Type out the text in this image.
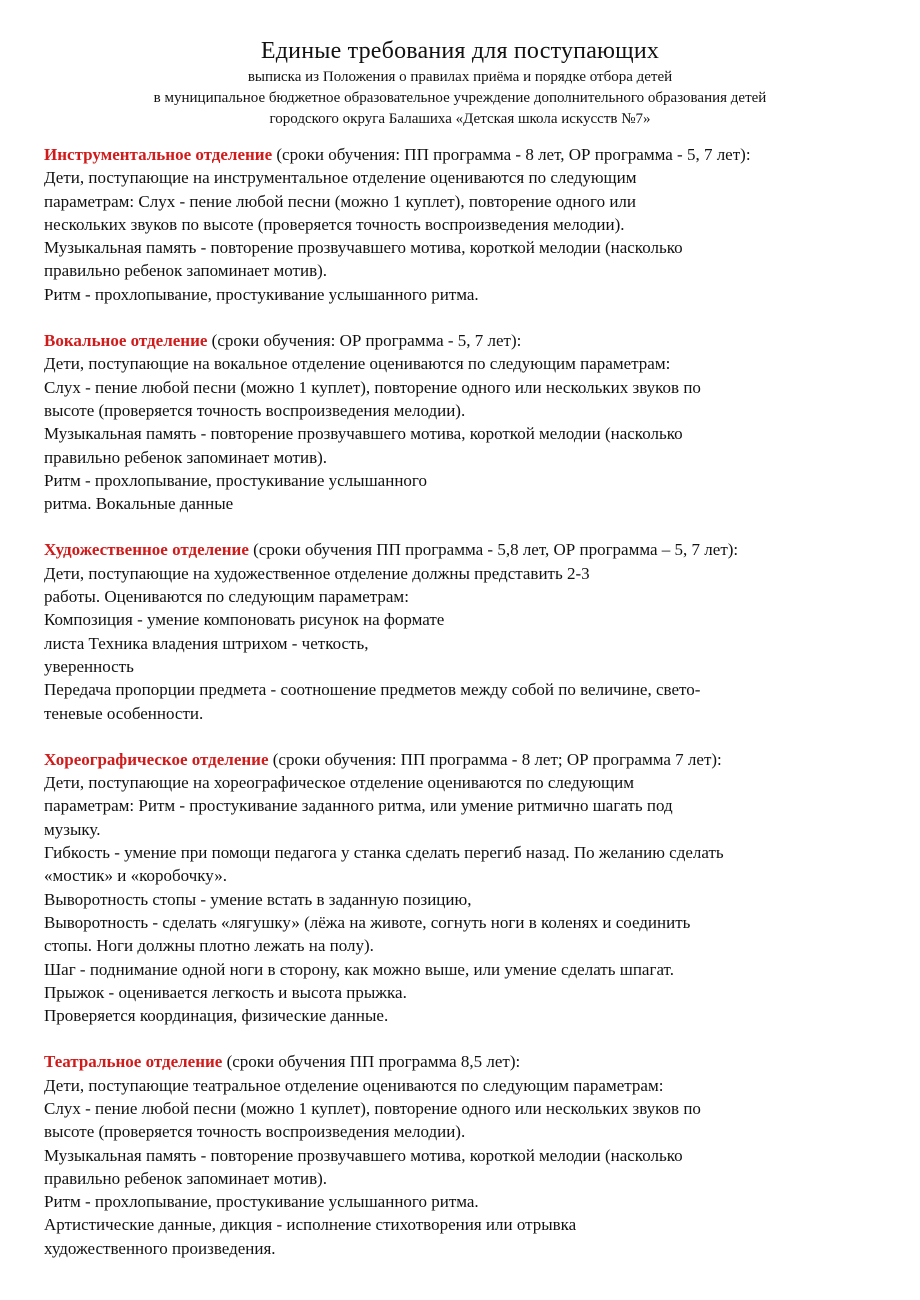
Единые требования для поступающих
выписка из Положения о правилах приёма и порядке отбора детей
в муниципальное бюджетное образовательное учреждение дополнительного образования детей
городского округа Балашиха «Детская школа искусств №7»
Инструментальное отделение (сроки обучения: ПП программа - 8 лет, ОР программа - 5, 7 лет):
Дети, поступающие на инструментальное отделение оцениваются по следующим
параметрам: Слух - пение любой песни (можно 1 куплет), повторение одного или
нескольких звуков по высоте (проверяется точность воспроизведения мелодии).
Музыкальная память - повторение прозвучавшего мотива, короткой мелодии (насколько
правильно ребенок запоминает мотив).
Ритм - прохлопывание, простукивание услышанного ритма.
Вокальное отделение (сроки обучения: ОР программа - 5, 7 лет):
Дети, поступающие на вокальное отделение оцениваются по следующим параметрам:
Слух - пение любой песни (можно 1 куплет), повторение одного или нескольких звуков по
высоте (проверяется точность воспроизведения мелодии).
Музыкальная память - повторение прозвучавшего мотива, короткой мелодии (насколько
правильно ребенок запоминает мотив).
Ритм - прохлопывание, простукивание услышанного
ритма. Вокальные данные
Художественное отделение (сроки обучения ПП программа - 5,8 лет, ОР программа – 5, 7 лет):
Дети, поступающие на художественное отделение должны представить 2-3
работы. Оцениваются по следующим параметрам:
Композиция - умение компоновать рисунок на формате
листа Техника владения штрихом - четкость,
уверенность
Передача пропорции предмета - соотношение предметов между собой по величине, свето-
теневые особенности.
Хореографическое отделение (сроки обучения: ПП программа - 8 лет; ОР программа 7 лет):
Дети, поступающие на хореографическое отделение оцениваются по следующим
параметрам: Ритм - простукивание заданного ритма, или умение ритмично шагать под
музыку.
Гибкость - умение при помощи педагога у станка сделать перегиб назад. По желанию сделать
«мостик» и «коробочку».
Выворотность стопы - умение встать в заданную позицию,
Выворотность - сделать «лягушку» (лёжа на животе, согнуть ноги в коленях и соединить
стопы. Ноги должны плотно лежать на полу).
Шаг - поднимание одной ноги в сторону, как можно выше, или умение сделать шпагат.
Прыжок - оценивается легкость и высота прыжка.
Проверяется координация, физические данные.
Театральное отделение (сроки обучения ПП программа 8,5 лет):
Дети, поступающие театральное отделение оцениваются по следующим параметрам:
Слух - пение любой песни (можно 1 куплет), повторение одного или нескольких звуков по
высоте (проверяется точность воспроизведения мелодии).
Музыкальная память - повторение прозвучавшего мотива, короткой мелодии (насколько
правильно ребенок запоминает мотив).
Ритм - прохлопывание, простукивание услышанного ритма.
Артистические данные, дикция - исполнение стихотворения или отрывка
художественного произведения.
